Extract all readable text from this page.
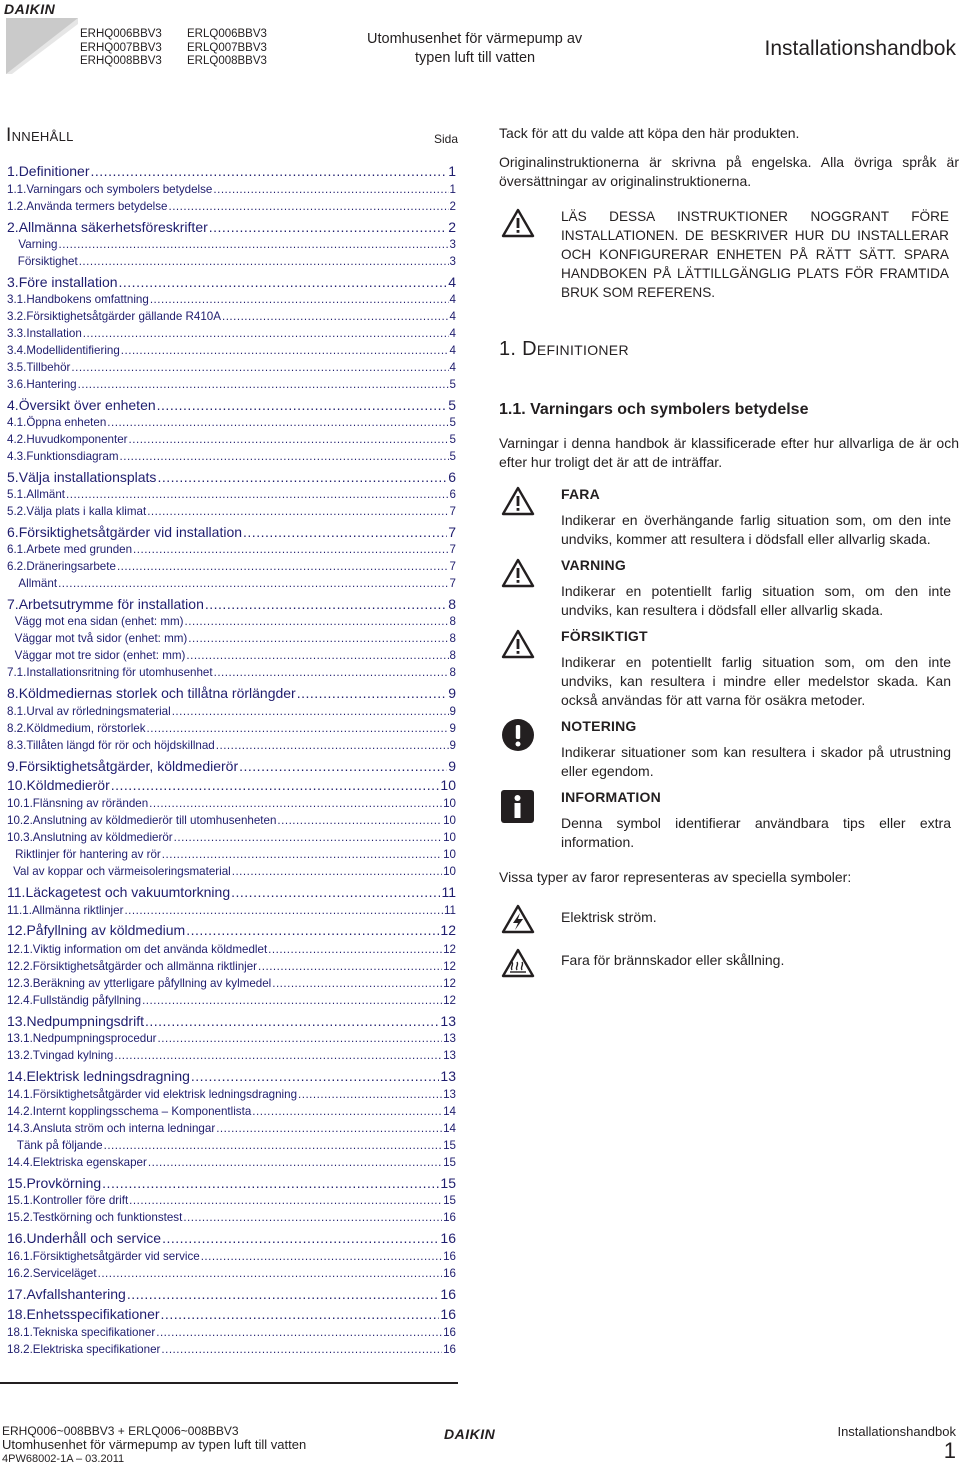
DAIKIN
ERHQ006BBV3
ERHQ007BBV3
ERHQ008BBV3
ERLQ006BBV3
ERLQ007BBV3
ERLQ008BBV3
Utomhusenhet för värmepump av
typen luft till vatten	Installationshandbok
Innehåll	Sida
1. Definitioner .....	1
1.1. Varningars och symbolers betydelse .....	1
1.2. Använda termers betydelse .....	2
2. Allmänna säkerhetsföreskrifter .....	2
Varning .....	3
Försiktighet .....	3
3. Före installation .....	4
3.1. Handbokens omfattning .....	4
3.2. Försiktighetsåtgärder gällande R410A .....	4
3.3. Installation .....	4
3.4. Modellidentifiering .....	4
3.5. Tillbehör .....	4
3.6. Hantering .....	5
4. Översikt över enheten .....	5
4.1. Öppna enheten .....	5
4.2. Huvudkomponenter .....	5
4.3. Funktionsdiagram .....	5
5. Välja installationsplats .....	6
5.1. Allmänt .....	6
5.2. Välja plats i kalla klimat .....	7
6. Försiktighetsåtgärder vid installation .....	7
6.1. Arbete med grunden .....	7
6.2. Dräneringsarbete .....	7
Allmänt .....	7
7. Arbetsutrymme för installation .....	8
Vägg mot ena sidan (enhet: mm) .....	8
Väggar mot två sidor (enhet: mm) .....	8
Väggar mot tre sidor (enhet: mm) .....	8
7.1. Installationsritning för utomhusenhet .....	8
8. Köldmediernas storlek och tillåtna rörlängder .....	9
8.1. Urval av rörledningsmaterial .....	9
8.2. Köldmedium, rörstorlek .....	9
8.3. Tillåten längd för rör och höjdskillnad .....	9
9. Försiktighetsåtgärder, köldmedierör .....	9
10. Köldmedierör .....	10
10.1. Flänsning av röränden .....	10
10.2. Anslutning av köldmedierör till utomhusenheten .....	10
10.3. Anslutning av köldmedierör .....	10
Riktlinjer för hantering av rör .....	10
Val av koppar och värmeisoleringsmaterial .....	10
11. Läckagetest och vakuumtorkning .....	11
11.1. Allmänna riktlinjer .....	11
12. Påfyllning av köldmedium .....	12
12.1. Viktig information om det använda köldmedlet .....	12
12.2. Försiktighetsåtgärder och allmänna riktlinjer .....	12
12.3. Beräkning av ytterligare påfyllning av kylmedel .....	12
12.4. Fullständig påfyllning .....	12
13. Nedpumpningsdrift .....	13
13.1. Nedpumpningsprocedur .....	13
13.2. Tvingad kylning .....	13
14. Elektrisk ledningsdragning .....	13
14.1. Försiktighetsåtgärder vid elektrisk ledningsdragning .....	13
14.2. Internt kopplingsschema – Komponentlista .....	14
14.3. Ansluta ström och interna ledningar .....	14
Tänk på följande .....	15
14.4. Elektriska egenskaper .....	15
15. Provkörning .....	15
15.1. Kontroller före drift .....	15
15.2. Testkörning och funktionstest .....	16
16. Underhåll och service .....	16
16.1. Försiktighetsåtgärder vid service .....	16
16.2. Serviceläget .....	16
17. Avfallshantering .....	16
18. Enhetsspecifikationer .....	16
18.1. Tekniska specifikationer .....	16
18.2. Elektriska specifikationer .....	16
Tack för att du valde att köpa den här produkten.
Originalinstruktionerna är skrivna på engelska. Alla övriga språk är översättningar av originalinstruktionerna.
LÄS DESSA INSTRUKTIONER NOGGRANT FÖRE INSTALLATIONEN. DE BESKRIVER HUR DU INSTALLERAR OCH KONFIGURERAR ENHETEN PÅ RÄTT SÄTT. SPARA HANDBOKEN PÅ LÄTTILLGÄNGLIG PLATS FÖR FRAMTIDA BRUK SOM REFERENS.
1. Definitioner
1.1. Varningars och symbolers betydelse
Varningar i denna handbok är klassificerade efter hur allvarliga de är och efter hur troligt det är att de inträffar.
FARA
Indikerar en överhängande farlig situation som, om den inte undviks, kommer att resultera i dödsfall eller allvarlig skada.
VARNING
Indikerar en potentiellt farlig situation som, om den inte undviks, kan resultera i dödsfall eller allvarlig skada.
FÖRSIKTIGT
Indikerar en potentiellt farlig situation som, om den inte undviks, kan resultera i mindre eller medelstor skada. Kan också användas för att varna för osäkra metoder.
NOTERING
Indikerar situationer som kan resultera i skador på utrustning eller egendom.
INFORMATION
Denna symbol identifierar användbara tips eller extra information.
Vissa typer av faror representeras av speciella symboler:
Elektrisk ström.
Fara för brännskador eller skållning.
ERHQ006~008BBV3 + ERLQ006~008BBV3
Utomhusenhet för värmepump av typen luft till vatten
4PW68002-1A – 03.2011
DAIKIN	Installationshandbok
1
